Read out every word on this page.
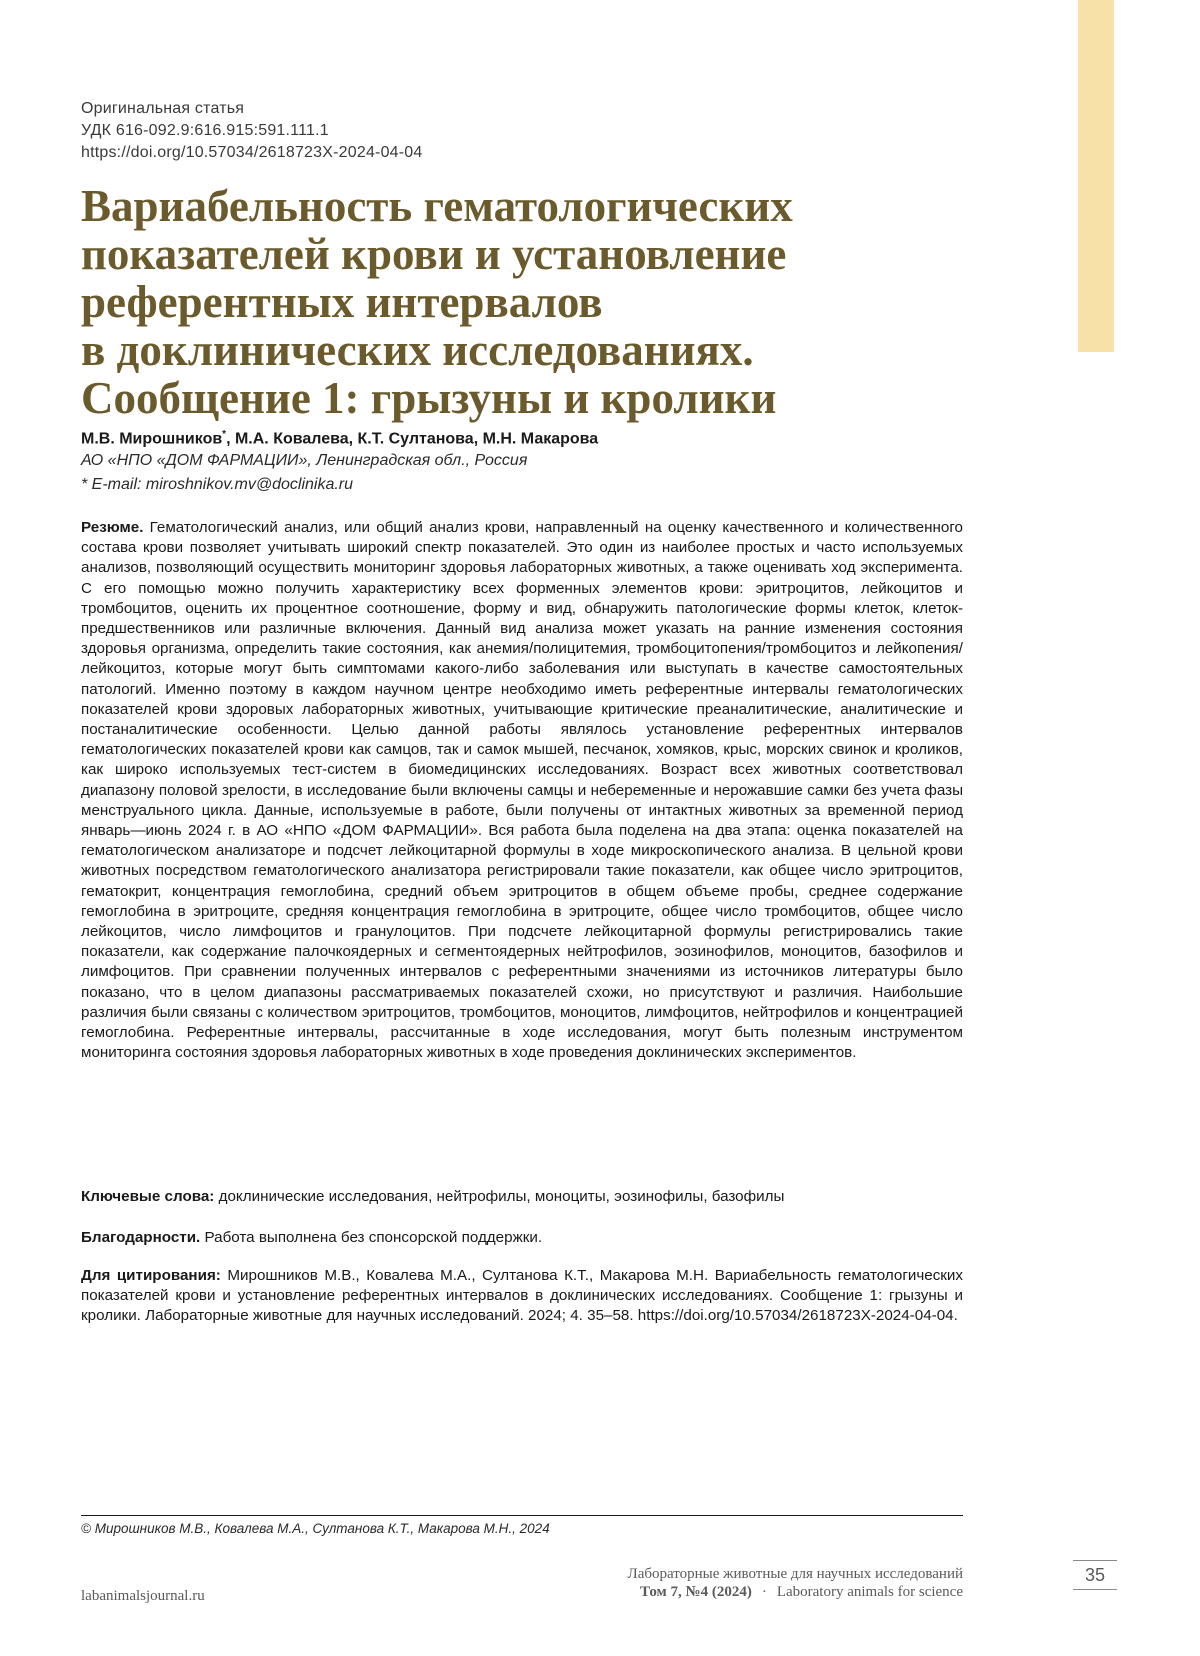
Оригинальная статья
УДК 616-092.9:616.915:591.111.1
https://doi.org/10.57034/2618723X-2024-04-04
Вариабельность гематологических
показателей крови и установление
референтных интервалов
в доклинических исследованиях.
Сообщение 1: грызуны и кролики
М.В. Мирошников*, М.А. Ковалева, К.Т. Султанова, М.Н. Макарова
АО «НПО «ДОМ ФАРМАЦИИ», Ленинградская обл., Россия
* E-mail: miroshnikov.mv@doclinika.ru

Резюме. Гематологический анализ, или общий анализ крови, направленный на оценку качественного и количественного состава крови позволяет учитывать широкий спектр показателей. Это один из наиболее простых и часто используемых анализов, позволяющий осуществить мониторинг здоровья лабораторных животных, а также оценивать ход эксперимента. С его помощью можно получить характеристику всех форменных элементов крови: эритроцитов, лейкоцитов и тромбоцитов, оценить их процентное соотношение, форму и вид, обнаружить патологические формы клеток, клеток-предшественников или различные включения. Данный вид анализа может указать на ранние изменения состояния здоровья организма, определить такие состояния, как анемия/полицитемия, тромбоцитопения/тромбоцитоз и лейкопения/лейкоцитоз, которые могут быть симптомами какого-либо заболевания или выступать в качестве самостоятельных патологий. Именно поэтому в каждом научном центре необходимо иметь референтные интервалы гематологических показателей крови здоровых лабораторных животных, учитывающие критические преаналитические, аналитические и постаналитические особенности. Целью данной работы являлось установление референтных интервалов гематологических показателей крови как самцов, так и самок мышей, песчанок, хомяков, крыс, морских свинок и кроликов, как широко используемых тест-систем в биомедицинских исследованиях. Возраст всех животных соответствовал диапазону половой зрелости, в исследование были включены самцы и небеременные и нерожавшие самки без учета фазы менструального цикла. Данные, используемые в работе, были получены от интактных животных за временной период январь—июнь 2024 г. в АО «НПО «ДОМ ФАРМАЦИИ». Вся работа была поделена на два этапа: оценка показателей на гематологическом анализаторе и подсчет лейкоцитарной формулы в ходе микроскопического анализа. В цельной крови животных посредством гематологического анализатора регистрировали такие показатели, как общее число эритроцитов, гематокрит, концентрация гемоглобина, средний объем эритроцитов в общем объеме пробы, среднее содержание гемоглобина в эритроците, средняя концентрация гемоглобина в эритроците, общее число тромбоцитов, общее число лейкоцитов, число лимфоцитов и гранулоцитов. При подсчете лейкоцитарной формулы регистрировались такие показатели, как содержание палочкоядерных и сегментоядерных нейтрофилов, эозинофилов, моноцитов, базофилов и лимфоцитов. При сравнении полученных интервалов с референтными значениями из источников литературы было показано, что в целом диапазоны рассматриваемых показателей схожи, но присутствуют и различия. Наибольшие различия были связаны с количеством эритроцитов, тромбоцитов, моноцитов, лимфоцитов, нейтрофилов и концентрацией гемоглобина. Референтные интервалы, рассчитанные в ходе исследования, могут быть полезным инструментом мониторинга состояния здоровья лабораторных животных в ходе проведения доклинических экспериментов.

Ключевые слова: доклинические исследования, нейтрофилы, моноциты, эозинофилы, базофилы

Благодарности. Работа выполнена без спонсорской поддержки.

Для цитирования: Мирошников М.В., Ковалева М.А., Султанова К.Т., Макарова М.Н. Вариабельность гематологических показателей крови и установление референтных интервалов в доклинических исследованиях. Сообщение 1: грызуны и кролики. Лабораторные животные для научных исследований. 2024; 4. 35–58. https://doi.org/10.57034/2618723X-2024-04-04.

© Мирошников М.В., Ковалева М.А., Султанова К.Т., Макарова М.Н., 2024
labanimalsjournal.ru
Лабораторные животные для научных исследований
Том 7, №4 (2024) · Laboratory animals for science
35
